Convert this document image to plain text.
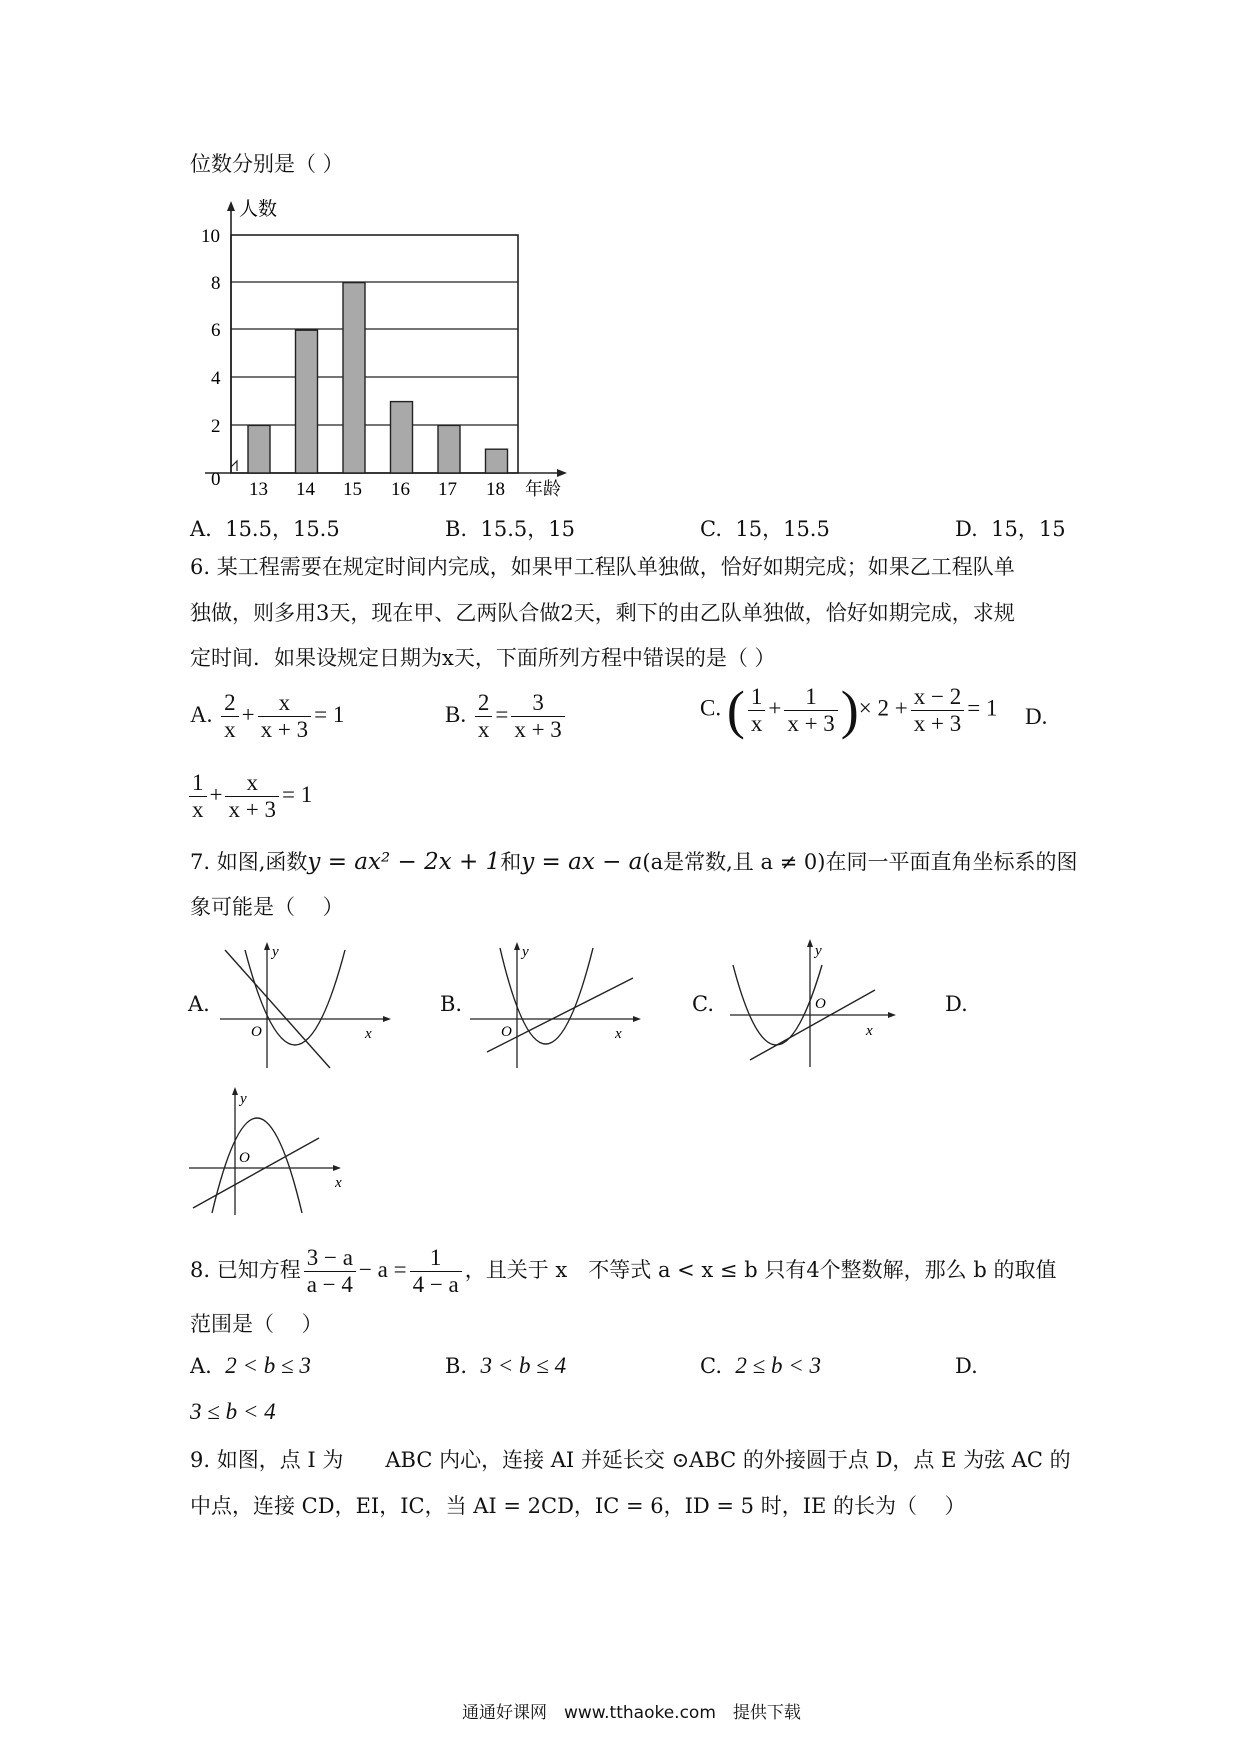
位数分别是（ ）
10
8
6
4
2
0 13 14 15 16 17 18
人数
年龄
A. 15.5，15.5	B. 15.5，15	C. 15，15.5	D. 15，15
6. 某工程需要在规定时间内完成，如果甲工程队单独做，恰好如期完成；如果乙工程队单
独做，则多用3天，现在甲、乙两队合做2天，剩下的由乙队单独做，恰好如期完成，求规
定时间．如果设规定日期为x天，下面所列方程中错误的是（ ）
A. $\frac{2}{x} + \frac{x}{x + 3} = 1$	B. $\frac{2}{x} = \frac{3}{x + 3}$	C. ( $\frac{1}{x} + \frac{1}{x + 3}$ )× $2 + \frac{x - 2}{x + 3} = 1$ D.
$\frac{1}{x} + \frac{x}{x + 3} = 1$
7. 如图,函数y = ax² − 2x + 1和y = ax − a(a是常数,且 a ≠ 0)在同一平面直角坐标系的图
象可能是（　 ）
A.	B.	C.	D.
y
O	x
y
O	x
y
O
x
y
O
x
8. 已知方程 $\frac{3 - a}{a - 4} - a = \frac{1}{4 - a}$ ，且关于 x　不等式 a < x ≤ b 只有4个整数解，那么 b 的取值
范围是（　 ）
A. 2 < b ≤ 3	B. 3 < b ≤ 4	C. 2 ≤ b < 3	D.
3 ≤ b < 4
9. 如图，点 I 为　　ABC 内心，连接 AI 并延长交 ⊙ABC 的外接圆于点 D，点 E 为弦 AC 的
中点，连接 CD，EI，IC，当 AI = 2CD，IC = 6，ID = 5 时，IE 的长为（　 ）
通通好课网　www.tthaoke.com　提供下载
